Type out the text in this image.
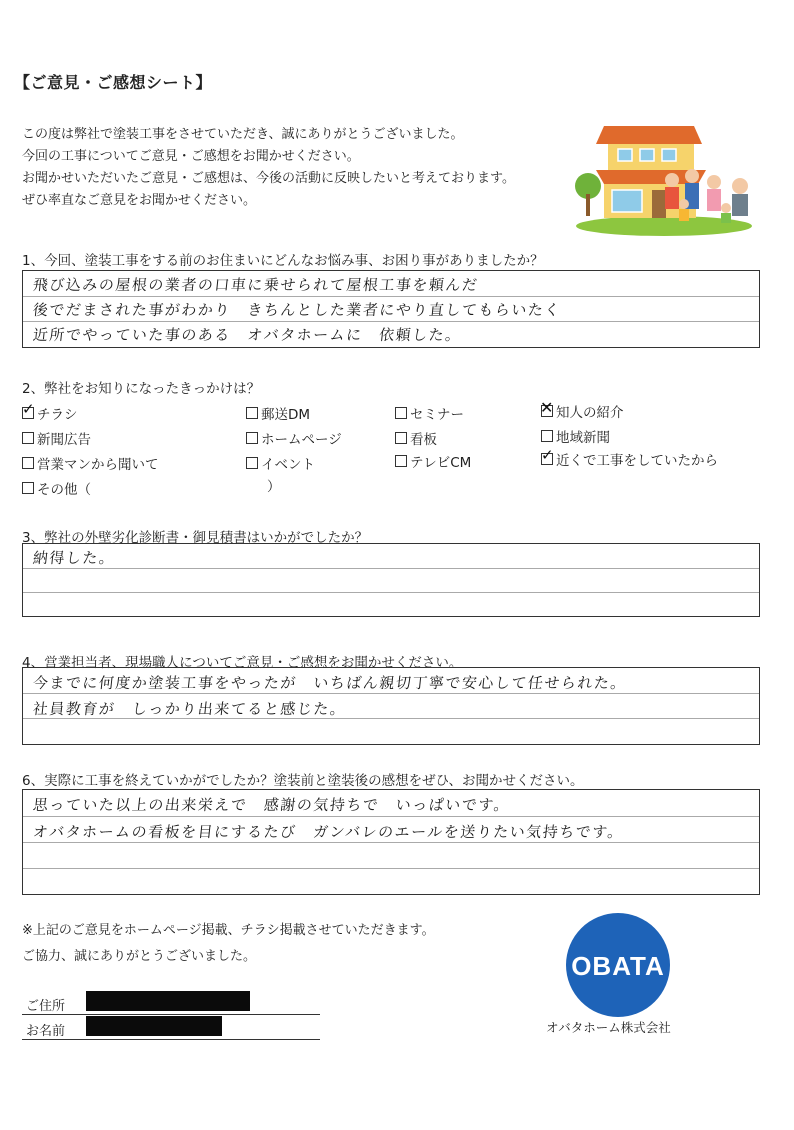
【ご意見・ご感想シート】
この度は弊社で塗装工事をさせていただき、誠にありがとうございました。
今回の工事についてご意見・ご感想をお聞かせください。
お聞かせいただいたご意見・ご感想は、今後の活動に反映したいと考えております。
ぜひ率直なご意見をお聞かせください。
1、今回、塗装工事をする前のお住まいにどんなお悩み事、お困り事がありましたか？
飛び込みの屋根の業者の口車に乗せられて屋根工事を頼んだ
後でだまされた事がわかり　きちんとした業者にやり直してもらいたく
近所でやっていた事のある　オバタホームに　依頼した。
2、弊社をお知りになったきっかけは？
✓ チラシ	郵送DM	セミナー	✕ 知人の紹介
新聞広告	ホームページ	看板	地域新聞
営業マンから聞いて	イベント	テレビCM	✓ 近くで工事をしていたから
その他（	）
3、弊社の外壁劣化診断書・御見積書はいかがでしたか？
納得した。
4、営業担当者、現場職人についてご意見・ご感想をお聞かせください。
今までに何度か塗装工事をやったが　いちばん親切丁寧で安心して任せられた。
社員教育が　しっかり出来てると感じた。
6、実際に工事を終えていかがでしたか？塗装前と塗装後の感想をぜひ、お聞かせください。
思っていた以上の出来栄えで　感謝の気持ちで　いっぱいです。
オバタホームの看板を目にするたび　ガンバレのエールを送りたい気持ちです。
※上記のご意見をホームページ掲載、チラシ掲載させていただきます。
ご協力、誠にありがとうございました。
ご住所
お名前
OBATA
オバタホーム株式会社
